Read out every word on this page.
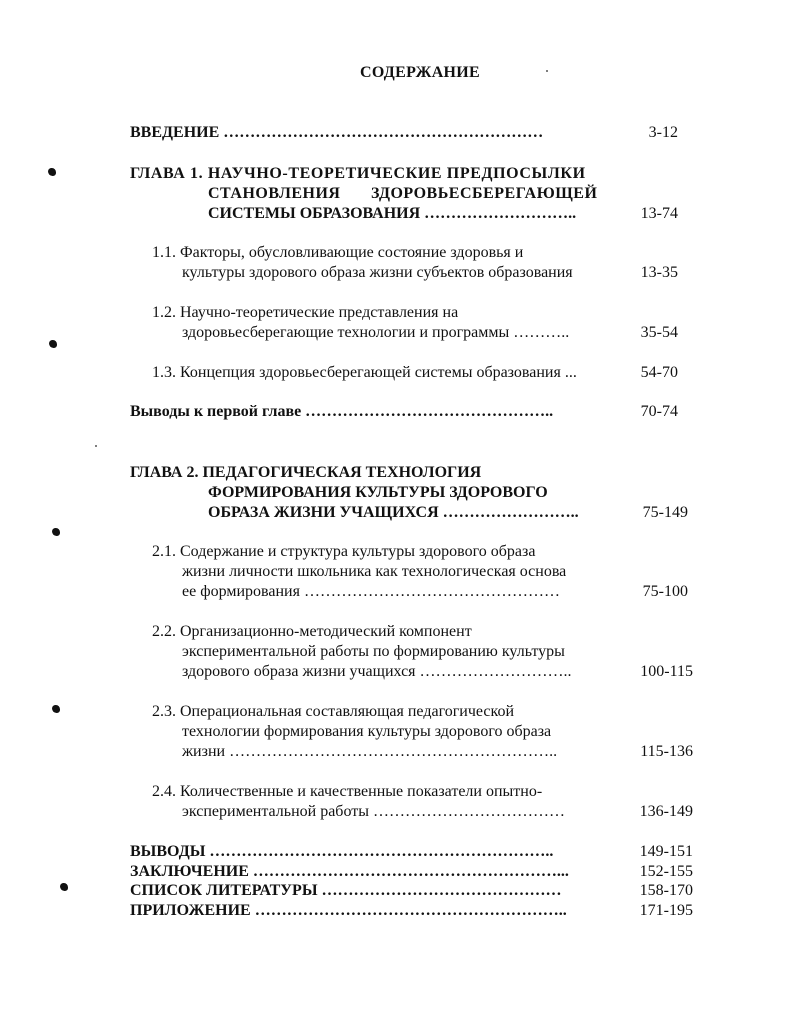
СОДЕРЖАНИЕ
ВВЕДЕНИЕ ……………………………………………………	3-12
ГЛАВА 1. НАУЧНО-ТЕОРЕТИЧЕСКИЕ ПРЕДПОСЫЛКИ
СТАНОВЛЕНИЯ ЗДОРОВЬЕСБЕРЕГАЮЩЕЙ
СИСТЕМЫ ОБРАЗОВАНИЯ ………………………..	13-74
1.1. Факторы, обусловливающие состояние здоровья и
культуры здорового образа жизни субъектов образования	13-35
1.2. Научно-теоретические представления на
здоровьесберегающие технологии и программы ………..	35-54
1.3. Концепция здоровьесберегающей системы образования ...	54-70
Выводы к первой главе ………………………………………..	70-74
ГЛАВА 2. ПЕДАГОГИЧЕСКАЯ ТЕХНОЛОГИЯ
ФОРМИРОВАНИЯ КУЛЬТУРЫ ЗДОРОВОГО
ОБРАЗА ЖИЗНИ УЧАЩИХСЯ ……………………..	75-149
2.1. Содержание и структура культуры здорового образа
жизни личности школьника как технологическая основа
ее формирования …………………………………………	75-100
2.2. Организационно-методический компонент
экспериментальной работы по формированию культуры
здорового образа жизни учащихся ………………………..	100-115
2.3. Операциональная составляющая педагогической
технологии формирования культуры здорового образа
жизни ……………………………………………………..	115-136
2.4. Количественные и качественные показатели опытно-
экспериментальной работы ………………………………	136-149
ВЫВОДЫ ………………………………………………………..	149-151
ЗАКЛЮЧЕНИЕ …………………………………………………...	152-155
СПИСОК ЛИТЕРАТУРЫ ………………………………………	158-170
ПРИЛОЖЕНИЕ …………………………………………………..	171-195
